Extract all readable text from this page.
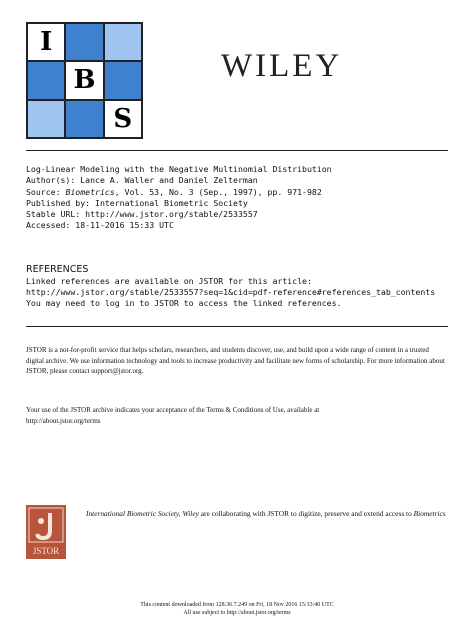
I
B
S
WILEY
Log-Linear Modeling with the Negative Multinomial Distribution
Author(s): Lance A. Waller and Daniel Zelterman
Source: Biometrics, Vol. 53, No. 3 (Sep., 1997), pp. 971-982
Published by: International Biometric Society
Stable URL: http://www.jstor.org/stable/2533557
Accessed: 18-11-2016 15:33 UTC
REFERENCES
Linked references are available on JSTOR for this article:
http://www.jstor.org/stable/2533557?seq=1&cid=pdf-reference#references_tab_contents
You may need to log in to JSTOR to access the linked references.

JSTOR is a not-for-profit service that helps scholars, researchers, and students discover, use, and build upon a wide range of content in a trusted digital archive. We use information technology and tools to increase productivity and facilitate new forms of scholarship. For more information about JSTOR, please contact support@jstor.org.

Your use of the JSTOR archive indicates your acceptance of the Terms & Conditions of Use, available at
http://about.jstor.org/terms
JSTOR
International Biometric Society, Wiley are collaborating with JSTOR to digitize, preserve and extend access to Biometrics
This content downloaded from 128.36.7.249 on Fri, 18 Nov 2016 15:33:40 UTC
All use subject to http://about.jstor.org/terms
